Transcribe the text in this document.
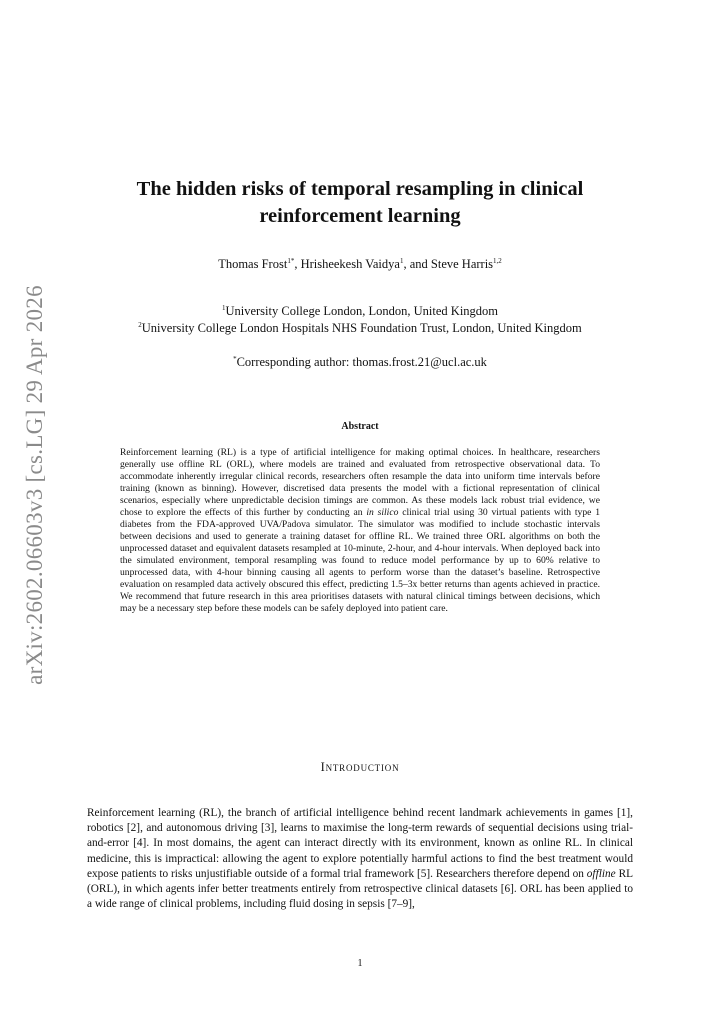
arXiv:2602.06603v3 [cs.LG] 29 Apr 2026
The hidden risks of temporal resampling in clinical reinforcement learning
Thomas Frost$^{1*}$, Hrisheekesh Vaidya$^1$, and Steve Harris$^{1,2}$
$^1$University College London, London, United Kingdom
$^2$University College London Hospitals NHS Foundation Trust, London, United Kingdom
*Corresponding author: thomas.frost.21@ucl.ac.uk
Abstract

Reinforcement learning (RL) is a type of artificial intelligence for making optimal choices. In healthcare, researchers generally use offline RL (ORL), where models are trained and evaluated from retrospective observational data. To accommodate inherently irregular clinical records, researchers often resample the data into uniform time intervals before training (known as binning). However, discretised data presents the model with a fictional representation of clinical scenarios, especially where unpredictable decision timings are common. As these models lack robust trial evidence, we chose to explore the effects of this further by conducting an in silico clinical trial using 30 virtual patients with type 1 diabetes from the FDA-approved UVA/Padova simulator. The simulator was modified to include stochastic intervals between decisions and used to generate a training dataset for offline RL. We trained three ORL algorithms on both the unprocessed dataset and equivalent datasets resampled at 10-minute, 2-hour, and 4-hour intervals. When deployed back into the simulated environment, temporal resampling was found to reduce model performance by up to 60% relative to unprocessed data, with 4-hour binning causing all agents to perform worse than the dataset’s baseline. Retrospective evaluation on resampled data actively obscured this effect, predicting 1.5–3x better returns than agents achieved in practice. We recommend that future research in this area prioritises datasets with natural clinical timings between decisions, which may be a necessary step before these models can be safely deployed into patient care.

Introduction

Reinforcement learning (RL), the branch of artificial intelligence behind recent landmark achievements in games [1], robotics [2], and autonomous driving [3], learns to maximise the long-term rewards of sequential decisions using trial-and-error [4]. In most domains, the agent can interact directly with its environment, known as online RL. In clinical medicine, this is impractical: allowing the agent to explore potentially harmful actions to find the best treatment would expose patients to risks unjustifiable outside of a formal trial framework [5]. Researchers therefore depend on offline RL (ORL), in which agents infer better treatments entirely from retrospective clinical datasets [6]. ORL has been applied to a wide range of clinical problems, including fluid dosing in sepsis [7–9],

1
